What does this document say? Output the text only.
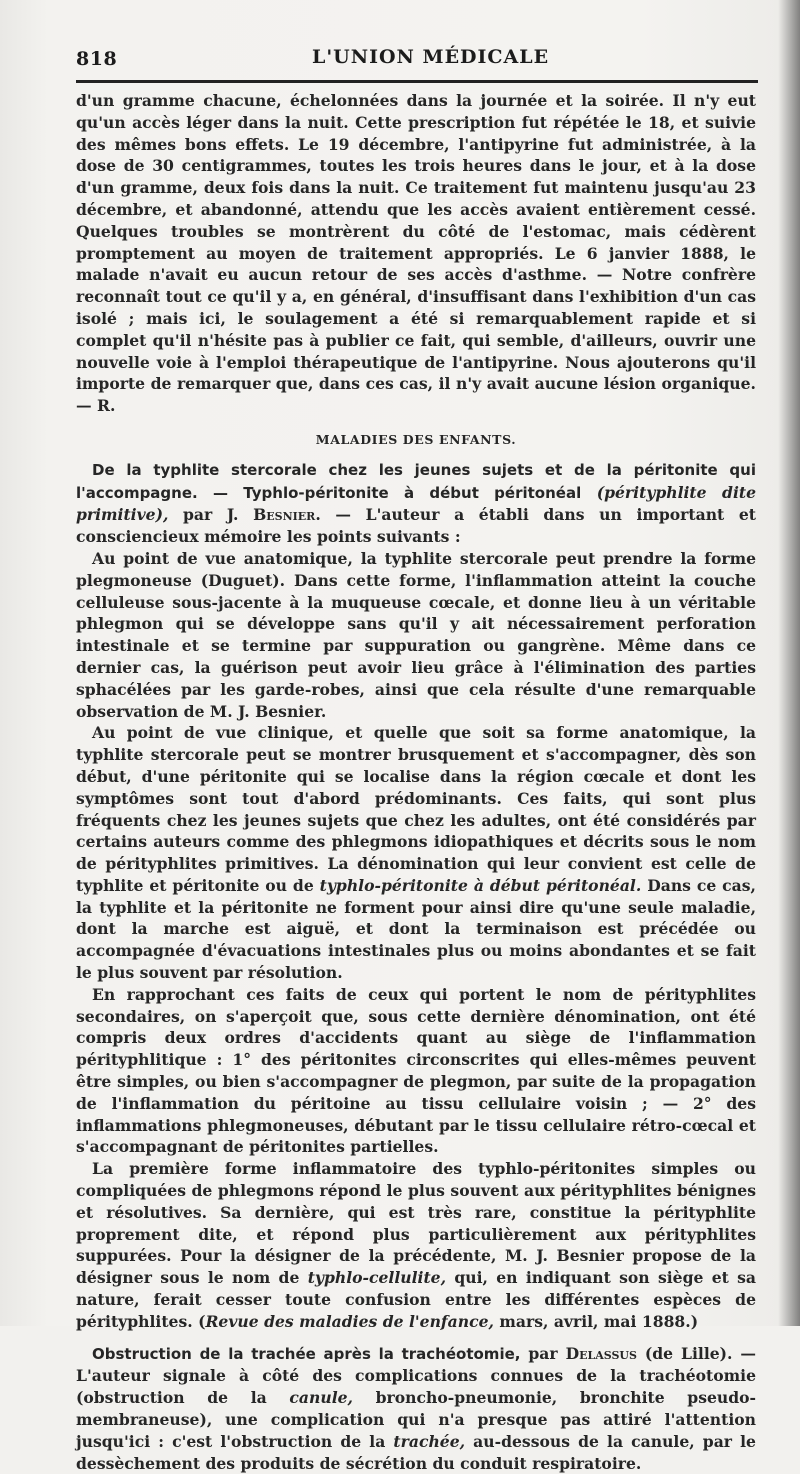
818	L'UNION MÉDICALE

d'un gramme chacune, échelonnées dans la journée et la soirée. Il n'y eut qu'un accès léger dans la nuit. Cette prescription fut répétée le 18, et suivie des mêmes bons effets. Le 19 décembre, l'antipyrine fut administrée, à la dose de 30 centigrammes, toutes les trois heures dans le jour, et à la dose d'un gramme, deux fois dans la nuit. Ce traitement fut maintenu jusqu'au 23 décembre, et abandonné, attendu que les accès avaient entièrement cessé. Quelques troubles se montrèrent du côté de l'estomac, mais cédèrent promptement au moyen de traitement appropriés. Le 6 janvier 1888, le malade n'avait eu aucun retour de ses accès d'asthme. — Notre confrère reconnaît tout ce qu'il y a, en général, d'insuffisant dans l'exhibition d'un cas isolé ; mais ici, le soulagement a été si remarquablement rapide et si complet qu'il n'hésite pas à publier ce fait, qui semble, d'ailleurs, ouvrir une nouvelle voie à l'emploi thérapeutique de l'antipyrine. Nous ajouterons qu'il importe de remarquer que, dans ces cas, il n'y avait aucune lésion organique. — R.

MALADIES DES ENFANTS.

De la typhlite stercorale chez les jeunes sujets et de la péritonite qui l'accompagne. — Typhlo-péritonite à début péritonéal (pérityphlite dite primitive), par J. Besnier. — L'auteur a établi dans un important et consciencieux mémoire les points suivants :

Au point de vue anatomique, la typhlite stercorale peut prendre la forme plegmoneuse (Duguet). Dans cette forme, l'inflammation atteint la couche celluleuse sous-jacente à la muqueuse cœcale, et donne lieu à un véritable phlegmon qui se développe sans qu'il y ait nécessairement perforation intestinale et se termine par suppuration ou gangrène. Même dans ce dernier cas, la guérison peut avoir lieu grâce à l'élimination des parties sphacélées par les garde-robes, ainsi que cela résulte d'une remarquable observation de M. J. Besnier.

Au point de vue clinique, et quelle que soit sa forme anatomique, la typhlite stercorale peut se montrer brusquement et s'accompagner, dès son début, d'une péritonite qui se localise dans la région cœcale et dont les symptômes sont tout d'abord prédominants. Ces faits, qui sont plus fréquents chez les jeunes sujets que chez les adultes, ont été considérés par certains auteurs comme des phlegmons idiopathiques et décrits sous le nom de pérityphlites primitives. La dénomination qui leur convient est celle de typhlite et péritonite ou de typhlo-péritonite à début péritonéal. Dans ce cas, la typhlite et la péritonite ne forment pour ainsi dire qu'une seule maladie, dont la marche est aiguë, et dont la terminaison est précédée ou accompagnée d'évacuations intestinales plus ou moins abondantes et se fait le plus souvent par résolution.

En rapprochant ces faits de ceux qui portent le nom de pérityphlites secondaires, on s'aperçoit que, sous cette dernière dénomination, ont été compris deux ordres d'accidents quant au siège de l'inflammation pérityphlitique : 1° des péritonites circonscrites qui elles-mêmes peuvent être simples, ou bien s'accompagner de plegmon, par suite de la propagation de l'inflammation du péritoine au tissu cellulaire voisin ; — 2° des inflammations phlegmoneuses, débutant par le tissu cellulaire rétro-cœcal et s'accompagnant de péritonites partielles.

La première forme inflammatoire des typhlo-péritonites simples ou compliquées de phlegmons répond le plus souvent aux pérityphlites bénignes et résolutives. Sa dernière, qui est très rare, constitue la pérityphlite proprement dite, et répond plus particulièrement aux pérityphlites suppurées. Pour la désigner de la précédente, M. J. Besnier propose de la désigner sous le nom de typhlo-cellulite, qui, en indiquant son siège et sa nature, ferait cesser toute confusion entre les différentes espèces de pérityphlites. (Revue des maladies de l'enfance, mars, avril, mai 1888.)

Obstruction de la trachée après la trachéotomie, par Delassus (de Lille). — L'auteur signale à côté des complications connues de la trachéotomie (obstruction de la canule, broncho-pneumonie, bronchite pseudo-membraneuse), une complication qui n'a presque pas attiré l'attention jusqu'ici : c'est l'obstruction de la trachée, au-dessous de la canule, par le dessèchement des produits de sécrétion du conduit respiratoire.
